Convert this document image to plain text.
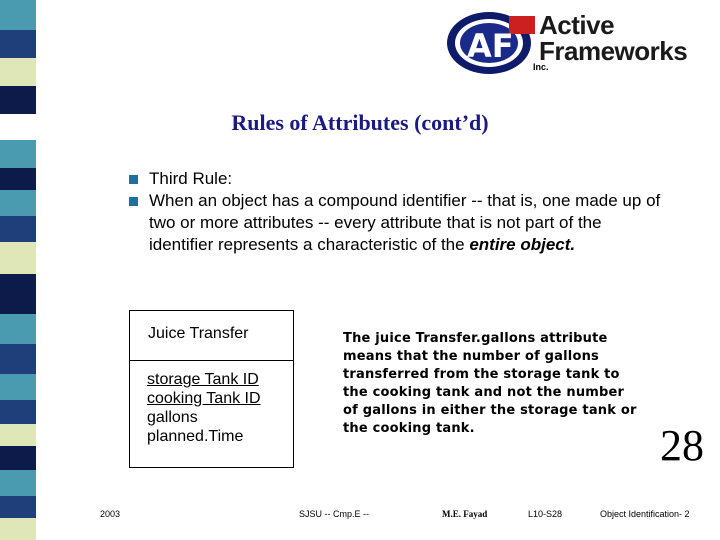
AF
Active
Frameworks
Inc.
Rules of Attributes (cont’d)
Third Rule:
When an object has a compound identifier -- that is, one made up of two or more attributes -- every attribute that is not part of the identifier represents a characteristic of the entire object.
Juice Transfer
storage Tank ID
cooking Tank ID
gallons
planned.Time
The juice Transfer.gallons attribute means that the number of gallons transferred from the storage tank to the cooking tank and not the number of gallons in either the storage tank or the cooking tank.	28
2003	SJSU -- Cmp.E --	M.E. Fayad	L10-S28	Object Identification- 2
